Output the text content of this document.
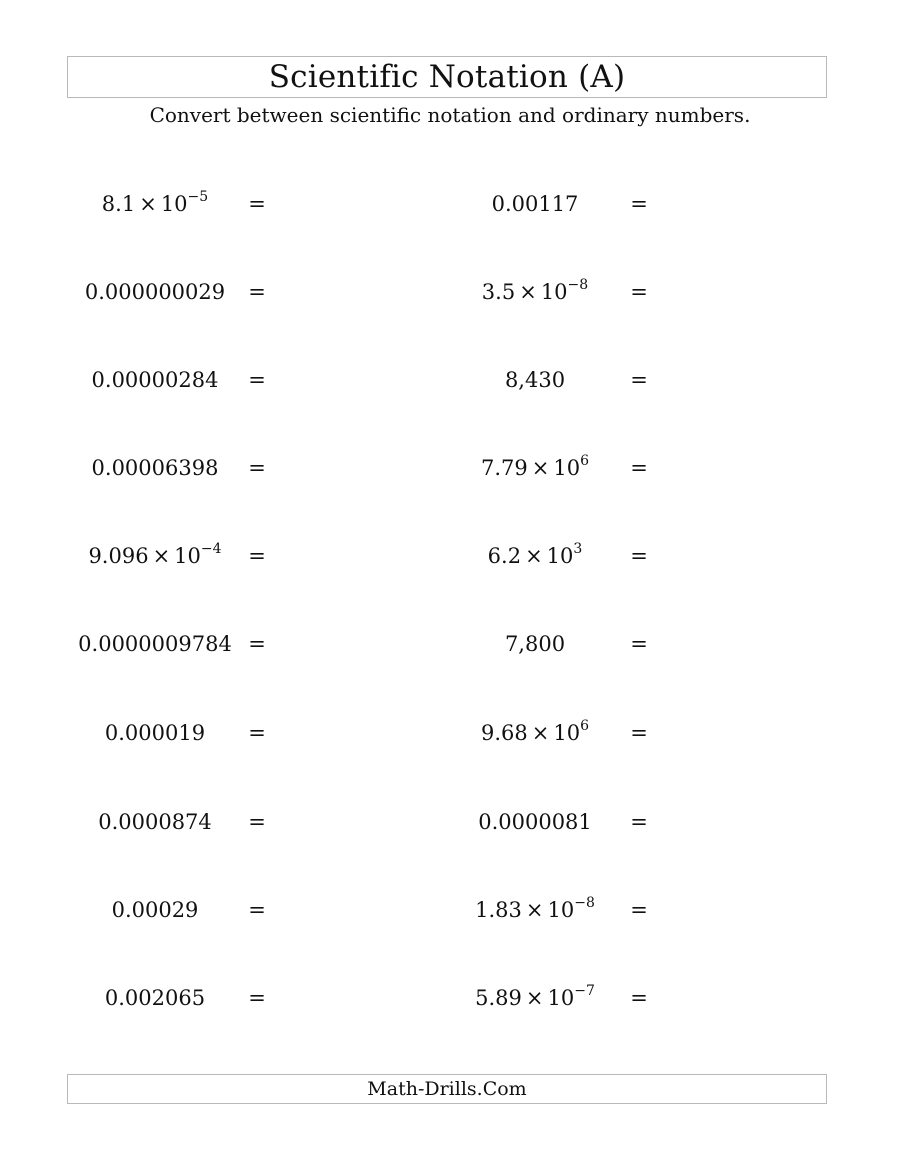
Scientific Notation (A)
Convert between scientific notation and ordinary numbers.
$8.1 \times 10^{-5}$	=	0.00117	=
0.000000029	=	$3.5 \times 10^{-8}$	=
0.00000284	=	8,430	=
0.00006398	=	$7.79 \times 10^6$	=
$9.096 \times 10^{-4}$	=	$6.2 \times 10^3$	=
0.0000009784 =	7,800	=
0.000019	=	$9.68 \times 10^6$	=
0.0000874	=	0.0000081	=
0.00029	=	$1.83 \times 10^{-8}$	=
0.002065	=	$5.89 \times 10^{-7}$	=
Math-Drills.Com
